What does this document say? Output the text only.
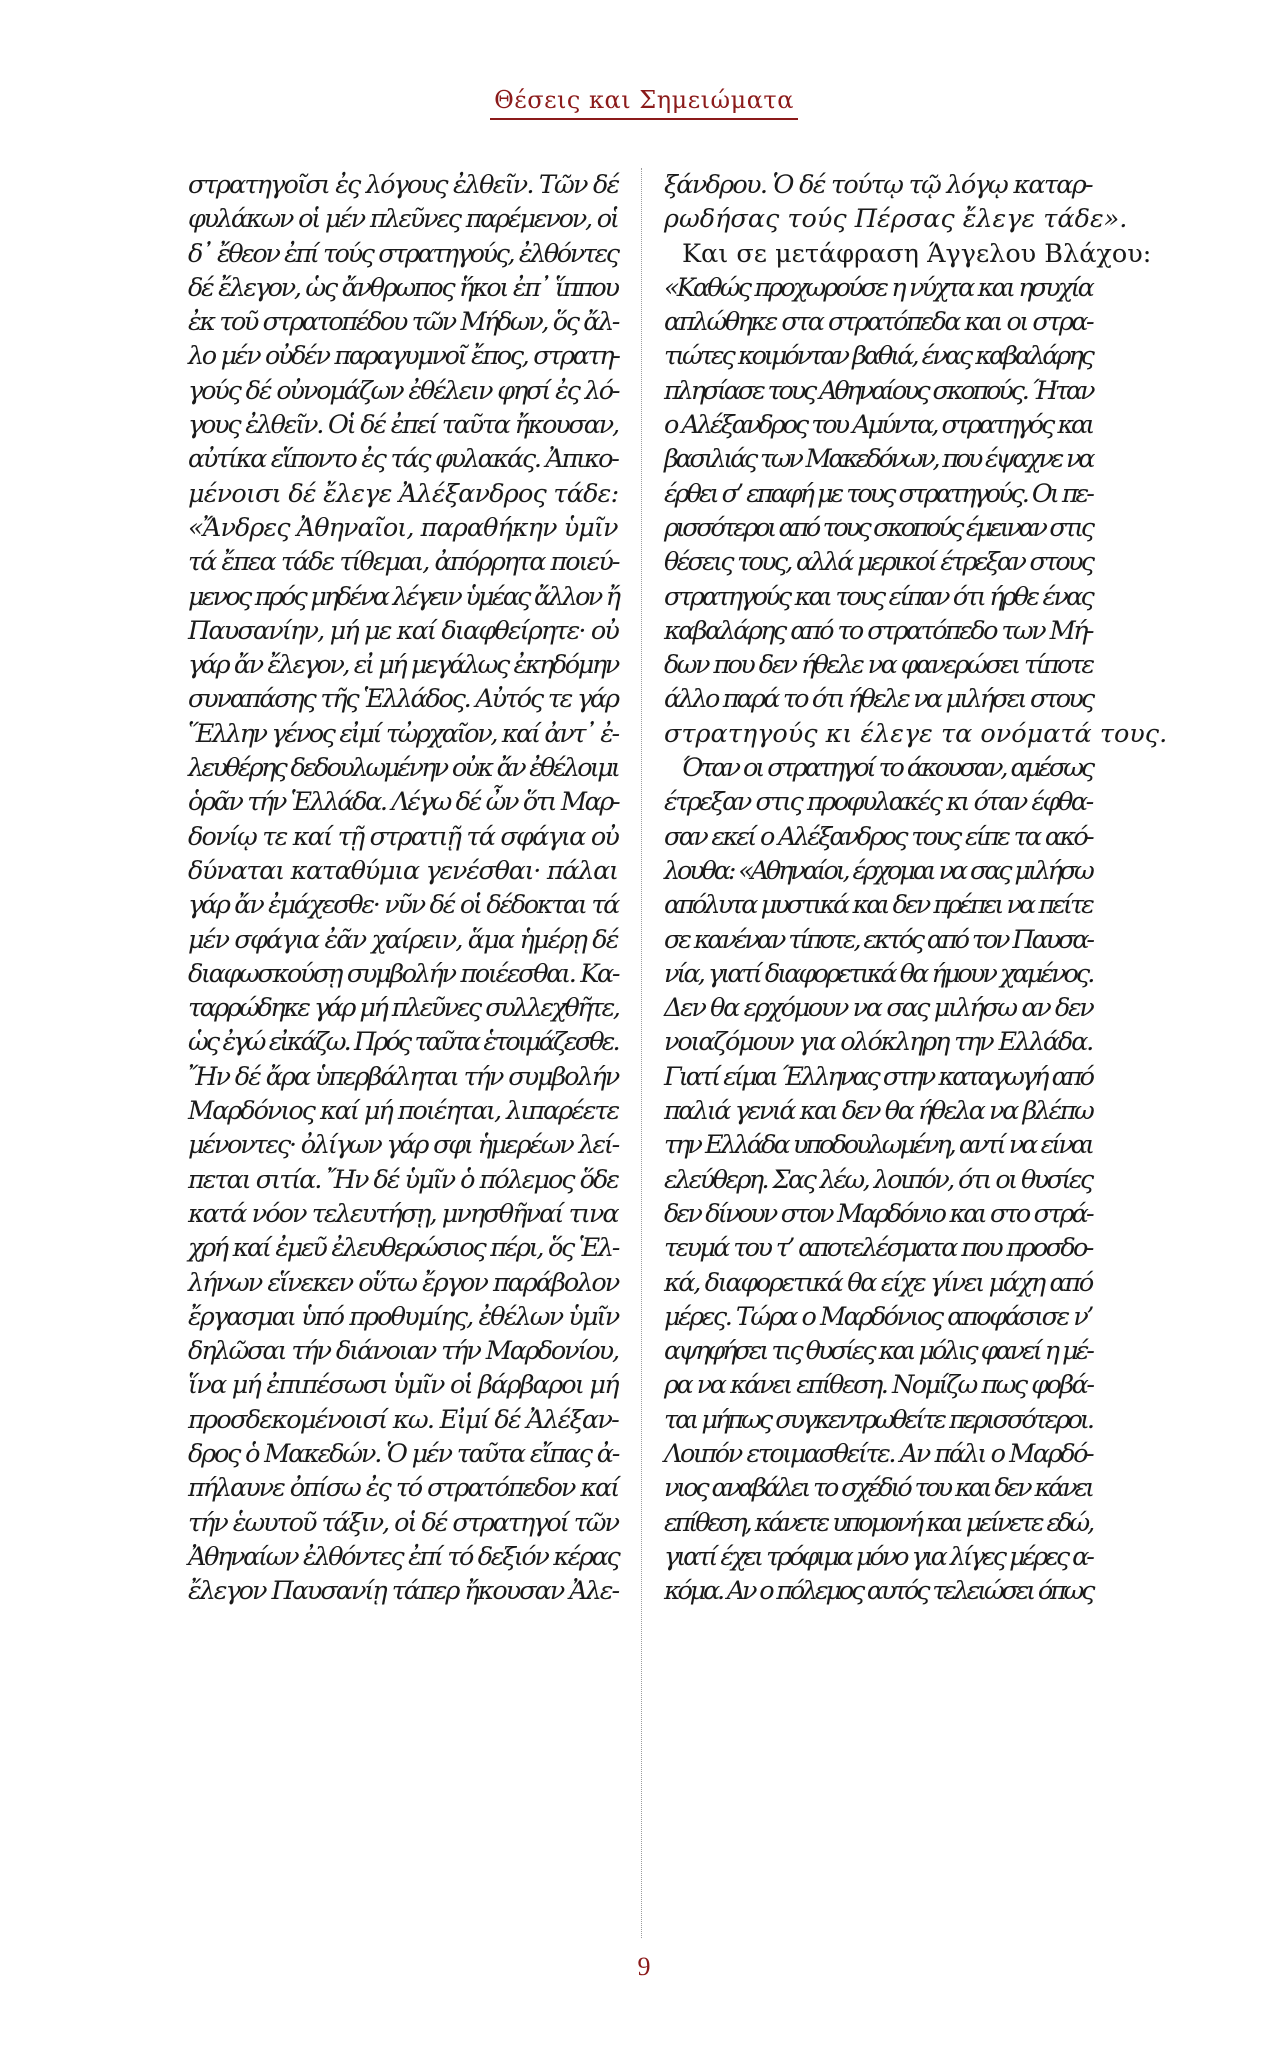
Θέσεις και Σημειώματα
στρατηγοῖσι ἐς λόγους ἐλθεῖν. Τῶν δέ
φυλάκων οἱ μέν πλεῦνες παρέμενον, οἱ
δ᾽ ἔθεον ἐπί τούς στρατηγούς, ἐλθόντες
δέ ἔλεγον, ὡς ἄνθρωπος ἥκοι ἐπ᾽ ἵππου
ἐκ τοῦ στρατοπέδου τῶν Μήδων, ὅς ἄλ-
λο μέν οὐδέν παραγυμνοῖ ἔπος, στρατη-
γούς δέ οὐνομάζων ἐθέλειν φησί ἐς λό-
γους ἐλθεῖν. Οἱ δέ ἐπεί ταῦτα ἤκουσαν,
αὐτίκα εἵποντο ἐς τάς φυλακάς. Ἀπικο-
μένοισι δέ ἔλεγε Ἀλέξανδρος τάδε:
«Ἄνδρες Ἀθηναῖοι, παραθήκην ὑμῖν
τά ἔπεα τάδε τίθεμαι, ἀπόρρητα ποιεύ-
μενος πρός μηδένα λέγειν ὑμέας ἄλλον ἤ
Παυσανίην, μή με καί διαφθείρητε· οὐ
γάρ ἄν ἔλεγον, εἰ μή μεγάλως ἐκηδόμην
συναπάσης τῆς Ἑλλάδος. Αὐτός τε γάρ
Ἕλλην γένος εἰμί τὠρχαῖον, καί ἀντ᾽ ἐ-
λευθέρης δεδουλωμένην οὐκ ἄν ἐθέλοιμι
ὁρᾶν τήν Ἑλλάδα. Λέγω δέ ὦν ὅτι Μαρ-
δονίῳ τε καί τῇ στρατιῇ τά σφάγια οὐ
δύναται καταθύμια γενέσθαι· πάλαι
γάρ ἄν ἐμάχεσθε· νῦν δέ οἱ δέδοκται τά
μέν σφάγια ἐᾶν χαίρειν, ἅμα ἡμέρῃ δέ
διαφωσκούσῃ συμβολήν ποιέεσθαι. Κα-
ταρρώδηκε γάρ μή πλεῦνες συλλεχθῆτε,
ὡς ἐγώ εἰκάζω. Πρός ταῦτα ἑτοιμάζεσθε.
Ἤν δέ ἄρα ὑπερβάληται τήν συμβολήν
Μαρδόνιος καί μή ποιέηται, λιπαρέετε
μένοντες· ὀλίγων γάρ σφι ἡμερέων λεί-
πεται σιτία. Ἤν δέ ὑμῖν ὁ πόλεμος ὅδε
κατά νόον τελευτήσῃ, μνησθῆναί τινα
χρή καί ἐμεῦ ἐλευθερώσιος πέρι, ὅς Ἑλ-
λήνων εἵνεκεν οὕτω ἔργον παράβολον
ἔργασμαι ὑπό προθυμίης, ἐθέλων ὑμῖν
δηλῶσαι τήν διάνοιαν τήν Μαρδονίου,
ἵνα μή ἐπιπέσωσι ὑμῖν οἱ βάρβαροι μή
προσδεκομένοισί κω. Εἰμί δέ Ἀλέξαν-
δρος ὁ Μακεδών. Ὁ μέν ταῦτα εἴπας ἀ-
πήλαυνε ὀπίσω ἐς τό στρατόπεδον καί
τήν ἑωυτοῦ τάξιν, οἱ δέ στρατηγοί τῶν
Ἀθηναίων ἐλθόντες ἐπί τό δεξιόν κέρας
ἔλεγον Παυσανίῃ τάπερ ἤκουσαν Ἀλε-
ξάνδρου. Ὁ δέ τούτῳ τῷ λόγῳ καταρ-
ρωδήσας τούς Πέρσας ἔλεγε τάδε».
Και σε μετάφραση Άγγελου Βλάχου:
«Καθώς προχωρούσε η νύχτα και ησυχία
απλώθηκε στα στρατόπεδα και οι στρα-
τιώτες κοιμόνταν βαθιά, ένας καβαλάρης
πλησίασε τους Αθηναίους σκοπούς. Ήταν
ο Αλέξανδρος του Αμύντα, στρατηγός και
βασιλιάς των Μακεδόνων, που έψαχνε να
έρθει σ’ επαφή με τους στρατηγούς. Οι πε-
ρισσότεροι από τους σκοπούς έμειναν στις
θέσεις τους, αλλά μερικοί έτρεξαν στους
στρατηγούς και τους είπαν ότι ήρθε ένας
καβαλάρης από το στρατόπεδο των Μή-
δων που δεν ήθελε να φανερώσει τίποτε
άλλο παρά το ότι ήθελε να μιλήσει στους
στρατηγούς κι έλεγε τα ονόματά τους.
Όταν οι στρατηγοί το άκουσαν, αμέσως
έτρεξαν στις προφυλακές κι όταν έφθα-
σαν εκεί ο Αλέξανδρος τους είπε τα ακό-
λουθα: «Αθηναίοι, έρχομαι να σας μιλήσω
απόλυτα μυστικά και δεν πρέπει να πείτε
σε κανέναν τίποτε, εκτός από τον Παυσα-
νία, γιατί διαφορετικά θα ήμουν χαμένος.
Δεν θα ερχόμουν να σας μιλήσω αν δεν
νοιαζόμουν για ολόκληρη την Ελλάδα.
Γιατί είμαι Έλληνας στην καταγωγή από
παλιά γενιά και δεν θα ήθελα να βλέπω
την Ελλάδα υποδουλωμένη, αντί να είναι
ελεύθερη. Σας λέω, λοιπόν, ότι οι θυσίες
δεν δίνουν στον Μαρδόνιο και στο στρά-
τευμά του τ’ αποτελέσματα που προσδο-
κά, διαφορετικά θα είχε γίνει μάχη από
μέρες. Τώρα ο Μαρδόνιος αποφάσισε ν’
αψηφήσει τις θυσίες και μόλις φανεί η μέ-
ρα να κάνει επίθεση. Νομίζω πως φοβά-
ται μήπως συγκεντρωθείτε περισσότεροι.
Λοιπόν ετοιμασθείτε. Αν πάλι ο Μαρδό-
νιος αναβάλει το σχέδιό του και δεν κάνει
επίθεση, κάνετε υπομονή και μείνετε εδώ,
γιατί έχει τρόφιμα μόνο για λίγες μέρες α-
κόμα. Αν ο πόλεμος αυτός τελειώσει όπως
9
